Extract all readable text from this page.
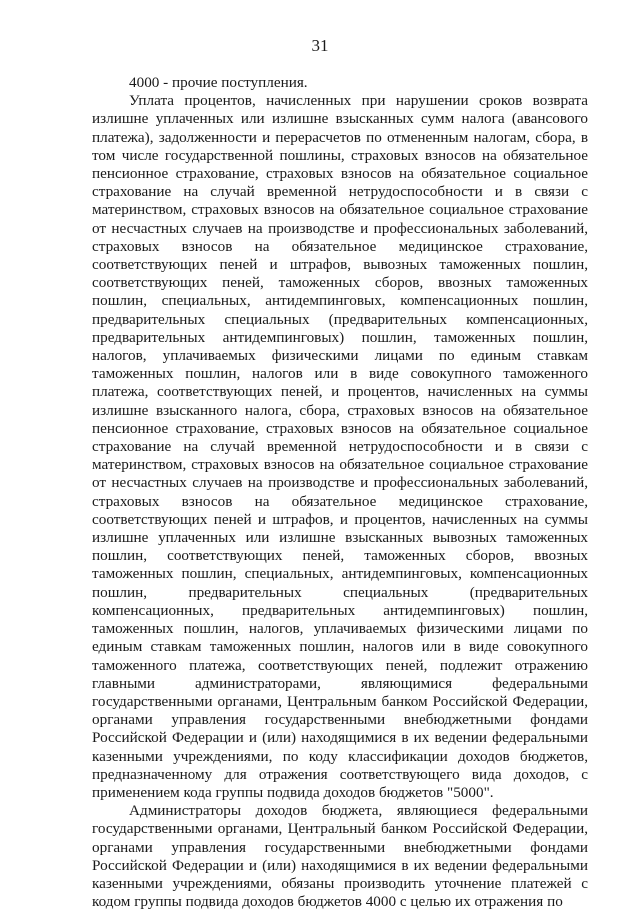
31

4000 - прочие поступления.

Уплата процентов, начисленных при нарушении сроков возврата излишне уплаченных или излишне взысканных сумм налога (авансового платежа), задолженности и перерасчетов по отмененным налогам, сбора, в том числе государственной пошлины, страховых взносов на обязательное пенсионное страхование, страховых взносов на обязательное социальное страхование на случай временной нетрудоспособности и в связи с материнством, страховых взносов на обязательное социальное страхование от несчастных случаев на производстве и профессиональных заболеваний, страховых взносов на обязательное медицинское страхование, соответствующих пеней и штрафов, вывозных таможенных пошлин, соответствующих пеней, таможенных сборов, ввозных таможенных пошлин, специальных, антидемпинговых, компенсационных пошлин, предварительных специальных (предварительных компенсационных, предварительных антидемпинговых) пошлин, таможенных пошлин, налогов, уплачиваемых физическими лицами по единым ставкам таможенных пошлин, налогов или в виде совокупного таможенного платежа, соответствующих пеней, и процентов, начисленных на суммы излишне взысканного налога, сбора, страховых взносов на обязательное пенсионное страхование, страховых взносов на обязательное социальное страхование на случай временной нетрудоспособности и в связи с материнством, страховых взносов на обязательное социальное страхование от несчастных случаев на производстве и профессиональных заболеваний, страховых взносов на обязательное медицинское страхование, соответствующих пеней и штрафов, и процентов, начисленных на суммы излишне уплаченных или излишне взысканных вывозных таможенных пошлин, соответствующих пеней, таможенных сборов, ввозных таможенных пошлин, специальных, антидемпинговых, компенсационных пошлин, предварительных специальных (предварительных компенсационных, предварительных антидемпинговых) пошлин, таможенных пошлин, налогов, уплачиваемых физическими лицами по единым ставкам таможенных пошлин, налогов или в виде совокупного таможенного платежа, соответствующих пеней, подлежит отражению главными администраторами, являющимися федеральными государственными органами, Центральным банком Российской Федерации, органами управления государственными внебюджетными фондами Российской Федерации и (или) находящимися в их ведении федеральными казенными учреждениями, по коду классификации доходов бюджетов, предназначенному для отражения соответствующего вида доходов, с применением кода группы подвида доходов бюджетов "5000".

Администраторы доходов бюджета, являющиеся федеральными государственными органами, Центральный банком Российской Федерации, органами управления государственными внебюджетными фондами Российской Федерации и (или) находящимися в их ведении федеральными казенными учреждениями, обязаны производить уточнение платежей с кодом группы подвида доходов бюджетов 4000 с целью их отражения по
